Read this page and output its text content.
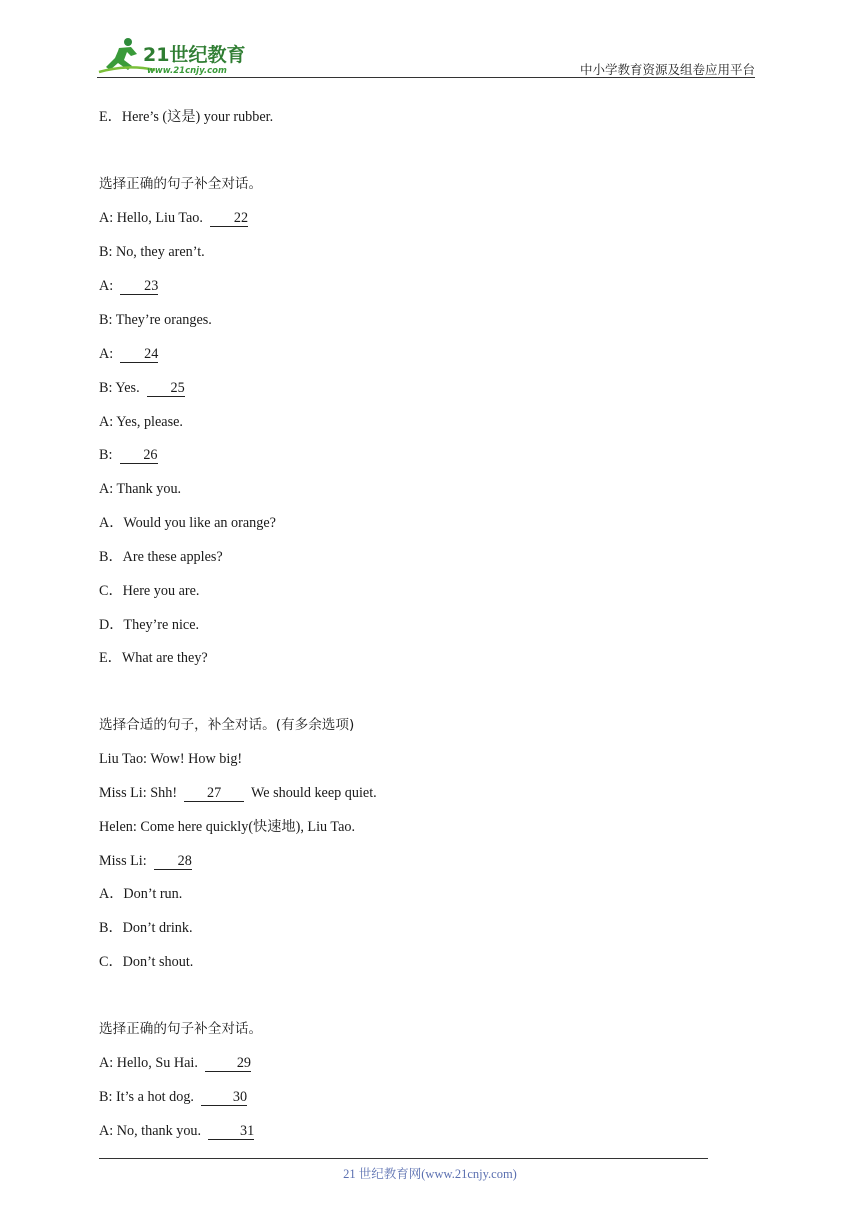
21世纪教育
www.21cnjy.com	中小学教育资源及组卷应用平台
E．Here’s (这是) your rubber.
选择正确的句子补全对话。
A: Hello, Liu Tao.  22
B: No, they aren’t.
A:  23
B: They’re oranges.
A:  24
B: Yes.  25
A: Yes, please.
B:  26
A: Thank you.
A．Would you like an orange?
B．Are these apples?
C．Here you are.
D．They’re nice.
E．What are they?
选择合适的句子，补全对话。(有多余选项)
Liu Tao: Wow! How big!
Miss Li: Shh!  27  We should keep quiet.
Helen: Come here quickly(快速地), Liu Tao.
Miss Li:  28
A．Don’t run.
B．Don’t drink.
C．Don’t shout.
选择正确的句子补全对话。
A: Hello, Su Hai.  29
B: It’s a hot dog.  30
A: No, thank you.  31
21 世纪教育网(www.21cnjy.com)
